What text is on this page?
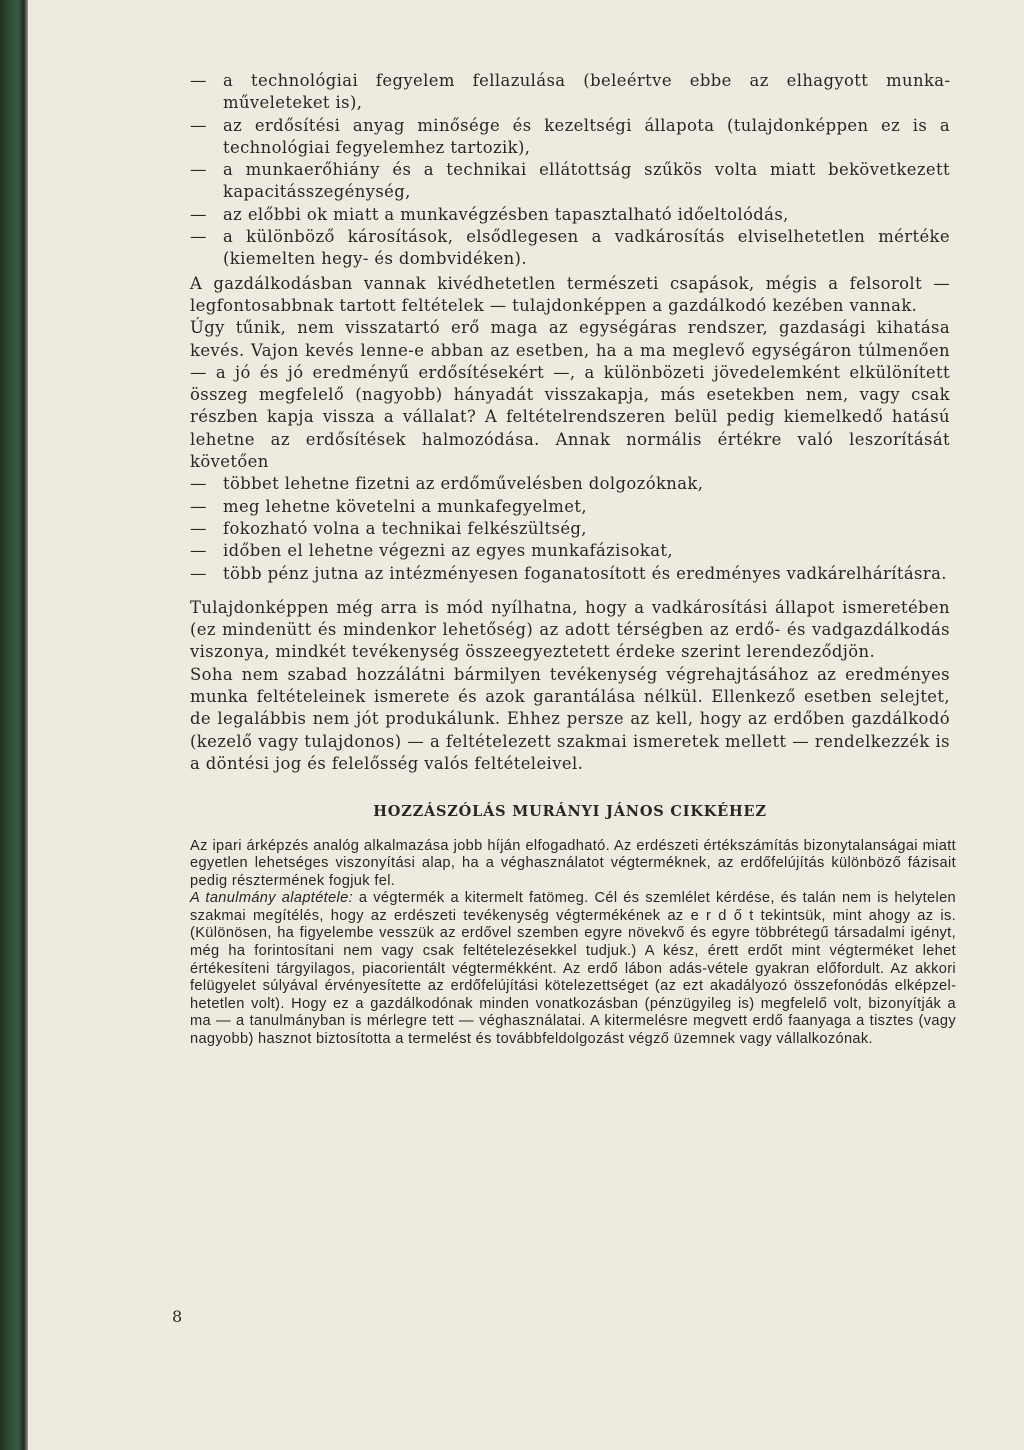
— a technológiai fegyelem fellazulása (beleértve ebbe az elhagyott munkaműveleteket is),
— az erdősítési anyag minősége és kezeltségi állapota (tulajdonképpen ez is a technológiai fegyelemhez tartozik),
— a munkaerőhiány és a technikai ellátottság szűkös volta miatt bekövetkezett kapacitásszegénység,
— az előbbi ok miatt a munkavégzésben tapasztalható időeltolódás,
— a különböző károsítások, elsődlegesen a vadkárosítás elviselhetetlen mértéke (kiemelten hegy- és dombvidéken).

A gazdálkodásban vannak kivédhetetlen természeti csapások, mégis a felsorolt — legfontosabbnak tartott feltételek — tulajdonképpen a gazdálkodó kezében vannak.

Úgy tűnik, nem visszatartó erő maga az egységáras rendszer, gazdasági kihatása kevés. Vajon kevés lenne-e abban az esetben, ha a ma meglevő egységáron túlmenően — a jó és jó eredményű erdősítésekért —, a különbözeti jövedelemként elkülönített összeg megfelelő (nagyobb) hányadát visszakapja, más esetekben nem, vagy csak részben kapja vissza a vállalat? A feltételrendszeren belül pedig kiemelkedő hatású lehetne az erdősítések halmozódása. Annak normális értékre való leszorítását követően

— többet lehetne fizetni az erdőművelésben dolgozóknak,
— meg lehetne követelni a munkafegyelmet,
— fokozható volna a technikai felkészültség,
— időben el lehetne végezni az egyes munkafázisokat,
— több pénz jutna az intézményesen foganatosított és eredményes vadkárelhárításra.

Tulajdonképpen még arra is mód nyílhatna, hogy a vadkárosítási állapot ismeretében (ez mindenütt és mindenkor lehetőség) az adott térségben az erdő- és vadgazdálkodás viszonya, mindkét tevékenység összeegyeztetett érdeke szerint lerendeződjön.

Soha nem szabad hozzálátni bármilyen tevékenység végrehajtásához az eredményes munka feltételeinek ismerete és azok garantálása nélkül. Ellenkező esetben selejtet, de legalábbis nem jót produkálunk. Ehhez persze az kell, hogy az erdőben gazdálkodó (kezelő vagy tulajdonos) — a feltételezett szakmai ismeretek mellett — rendelkezzék is a döntési jog és felelősség valós feltételeivel.

HOZZÁSZÓLÁS MURÁNYI JÁNOS CIKKÉHEZ

Az ipari árképzés analóg alkalmazása jobb híján elfogadható. Az erdészeti értékszámítás bizonytalanságai miatt egyetlen lehetséges viszonyítási alap, ha a véghasználatot végterméknek, az erdőfelújítás különböző fázisait pedig résztermének fogjuk fel.

A tanulmány alaptétele: a végtermék a kitermelt fatömeg. Cél és szemlélet kérdése, és talán nem is helytelen szakmai megítélés, hogy az erdészeti tevékenység végtermékének az e r d ő t tekintsük, mint ahogy az is. (Különösen, ha figyelembe vesszük az erdővel szemben egyre növekvő és egyre többrétegű társadalmi igényt, még ha forintosítani nem vagy csak feltételezésekkel tudjuk.) A kész, érett erdőt mint végterméket lehet értékesíteni tárgyilagos, piacorientált végtermékként. Az erdő lábon adás-vétele gyakran előfordult. Az akkori felügyelet súlyával érvényesítette az erdőfelújítási kötelezettséget (az ezt akadályozó összefonódás elképzelhetetlen volt). Hogy ez a gazdálkodónak minden vonatkozásban (pénzügyileg is) megfelelő volt, bizonyítják a ma — a tanulmányban is mérlegre tett — véghasználatai. A kitermelésre megvett erdő faanyaga a tisztes (vagy nagyobb) hasznot biztosította a termelést és továbbfeldolgozást végző üzemnek vagy vállalkozónak.

8
